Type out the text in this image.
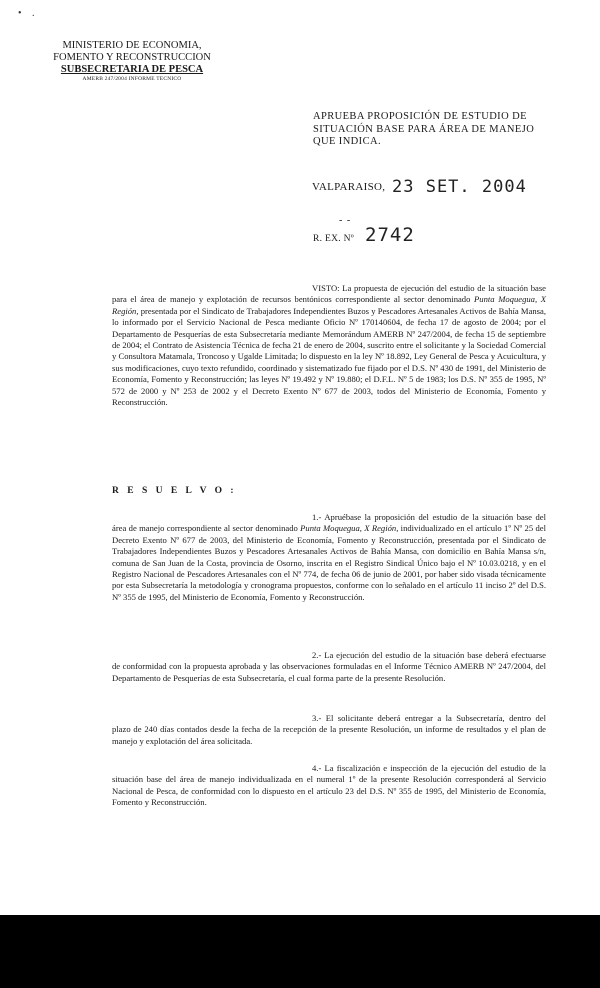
• .
MINISTERIO DE ECONOMIA,
FOMENTO Y RECONSTRUCCION
SUBSECRETARIA DE PESCA
AMERB 247/2004 INFORME TECNICO
APRUEBA PROPOSICIÓN DE ESTUDIO DE
SITUACIÓN BASE PARA ÁREA DE MANEJO
QUE INDICA.
VALPARAISO, 23 SET. 2004
- -
R. EX. Nº 2742

VISTO: La propuesta de ejecución del estudio de la situación base para el área de manejo y explotación de recursos bentónicos correspondiente al sector denominado Punta Moqueguа, X Región, presentada por el Sindicato de Trabajadores Independientes Buzos y Pescadores Artesanales Activos de Bahía Mansa, lo informado por el Servicio Nacional de Pesca mediante Oficio Nº 170140604, de fecha 17 de agosto de 2004; por el Departamento de Pesquerías de esta Subsecretaría mediante Memorándum AMERB Nº 247/2004, de fecha 15 de septiembre de 2004; el Contrato de Asistencia Técnica de fecha 21 de enero de 2004, suscrito entre el solicitante y la Sociedad Comercial y Consultora Matamala, Troncoso y Ugalde Limitada; lo dispuesto en la ley Nº 18.892, Ley General de Pesca y Acuicultura, y sus modificaciones, cuyo texto refundido, coordinado y sistematizado fue fijado por el D.S. Nº 430 de 1991, del Ministerio de Economía, Fomento y Reconstrucción; las leyes Nº 19.492 y Nº 19.880; el D.F.L. Nº 5 de 1983; los D.S. Nº 355 de 1995, Nº 572 de 2000 y Nº 253 de 2002 y el Decreto Exento Nº 677 de 2003, todos del Ministerio de Economía, Fomento y Reconstrucción.

R E S U E L V O :

1.- Apruébase la proposición del estudio de la situación base del área de manejo correspondiente al sector denominado Punta Moqueguа, X Región, individualizado en el artículo 1º Nº 25 del Decreto Exento Nº 677 de 2003, del Ministerio de Economía, Fomento y Reconstrucción, presentada por el Sindicato de Trabajadores Independientes Buzos y Pescadores Artesanales Activos de Bahía Mansa, con domicilio en Bahía Mansa s/n, comuna de San Juan de la Costa, provincia de Osorno, inscrita en el Registro Sindical Único bajo el Nº 10.03.0218, y en el Registro Nacional de Pescadores Artesanales con el Nº 774, de fecha 06 de junio de 2001, por haber sido visada técnicamente por esta Subsecretaría la metodología y cronograma propuestos, conforme con lo señalado en el artículo 11 inciso 2º del D.S. Nº 355 de 1995, del Ministerio de Economía, Fomento y Reconstrucción.

2.- La ejecución del estudio de la situación base deberá efectuarse de conformidad con la propuesta aprobada y las observaciones formuladas en el Informe Técnico AMERB Nº 247/2004, del Departamento de Pesquerías de esta Subsecretaría, el cual forma parte de la presente Resolución.

3.- El solicitante deberá entregar a la Subsecretaría, dentro del plazo de 240 días contados desde la fecha de la recepción de la presente Resolución, un informe de resultados y el plan de manejo y explotación del área solicitada.

4.- La fiscalización e inspección de la ejecución del estudio de la situación base del área de manejo individualizada en el numeral 1º de la presente Resolución corresponderá al Servicio Nacional de Pesca, de conformidad con lo dispuesto en el artículo 23 del D.S. Nº 355 de 1995, del Ministerio de Economía, Fomento y Reconstrucción.
